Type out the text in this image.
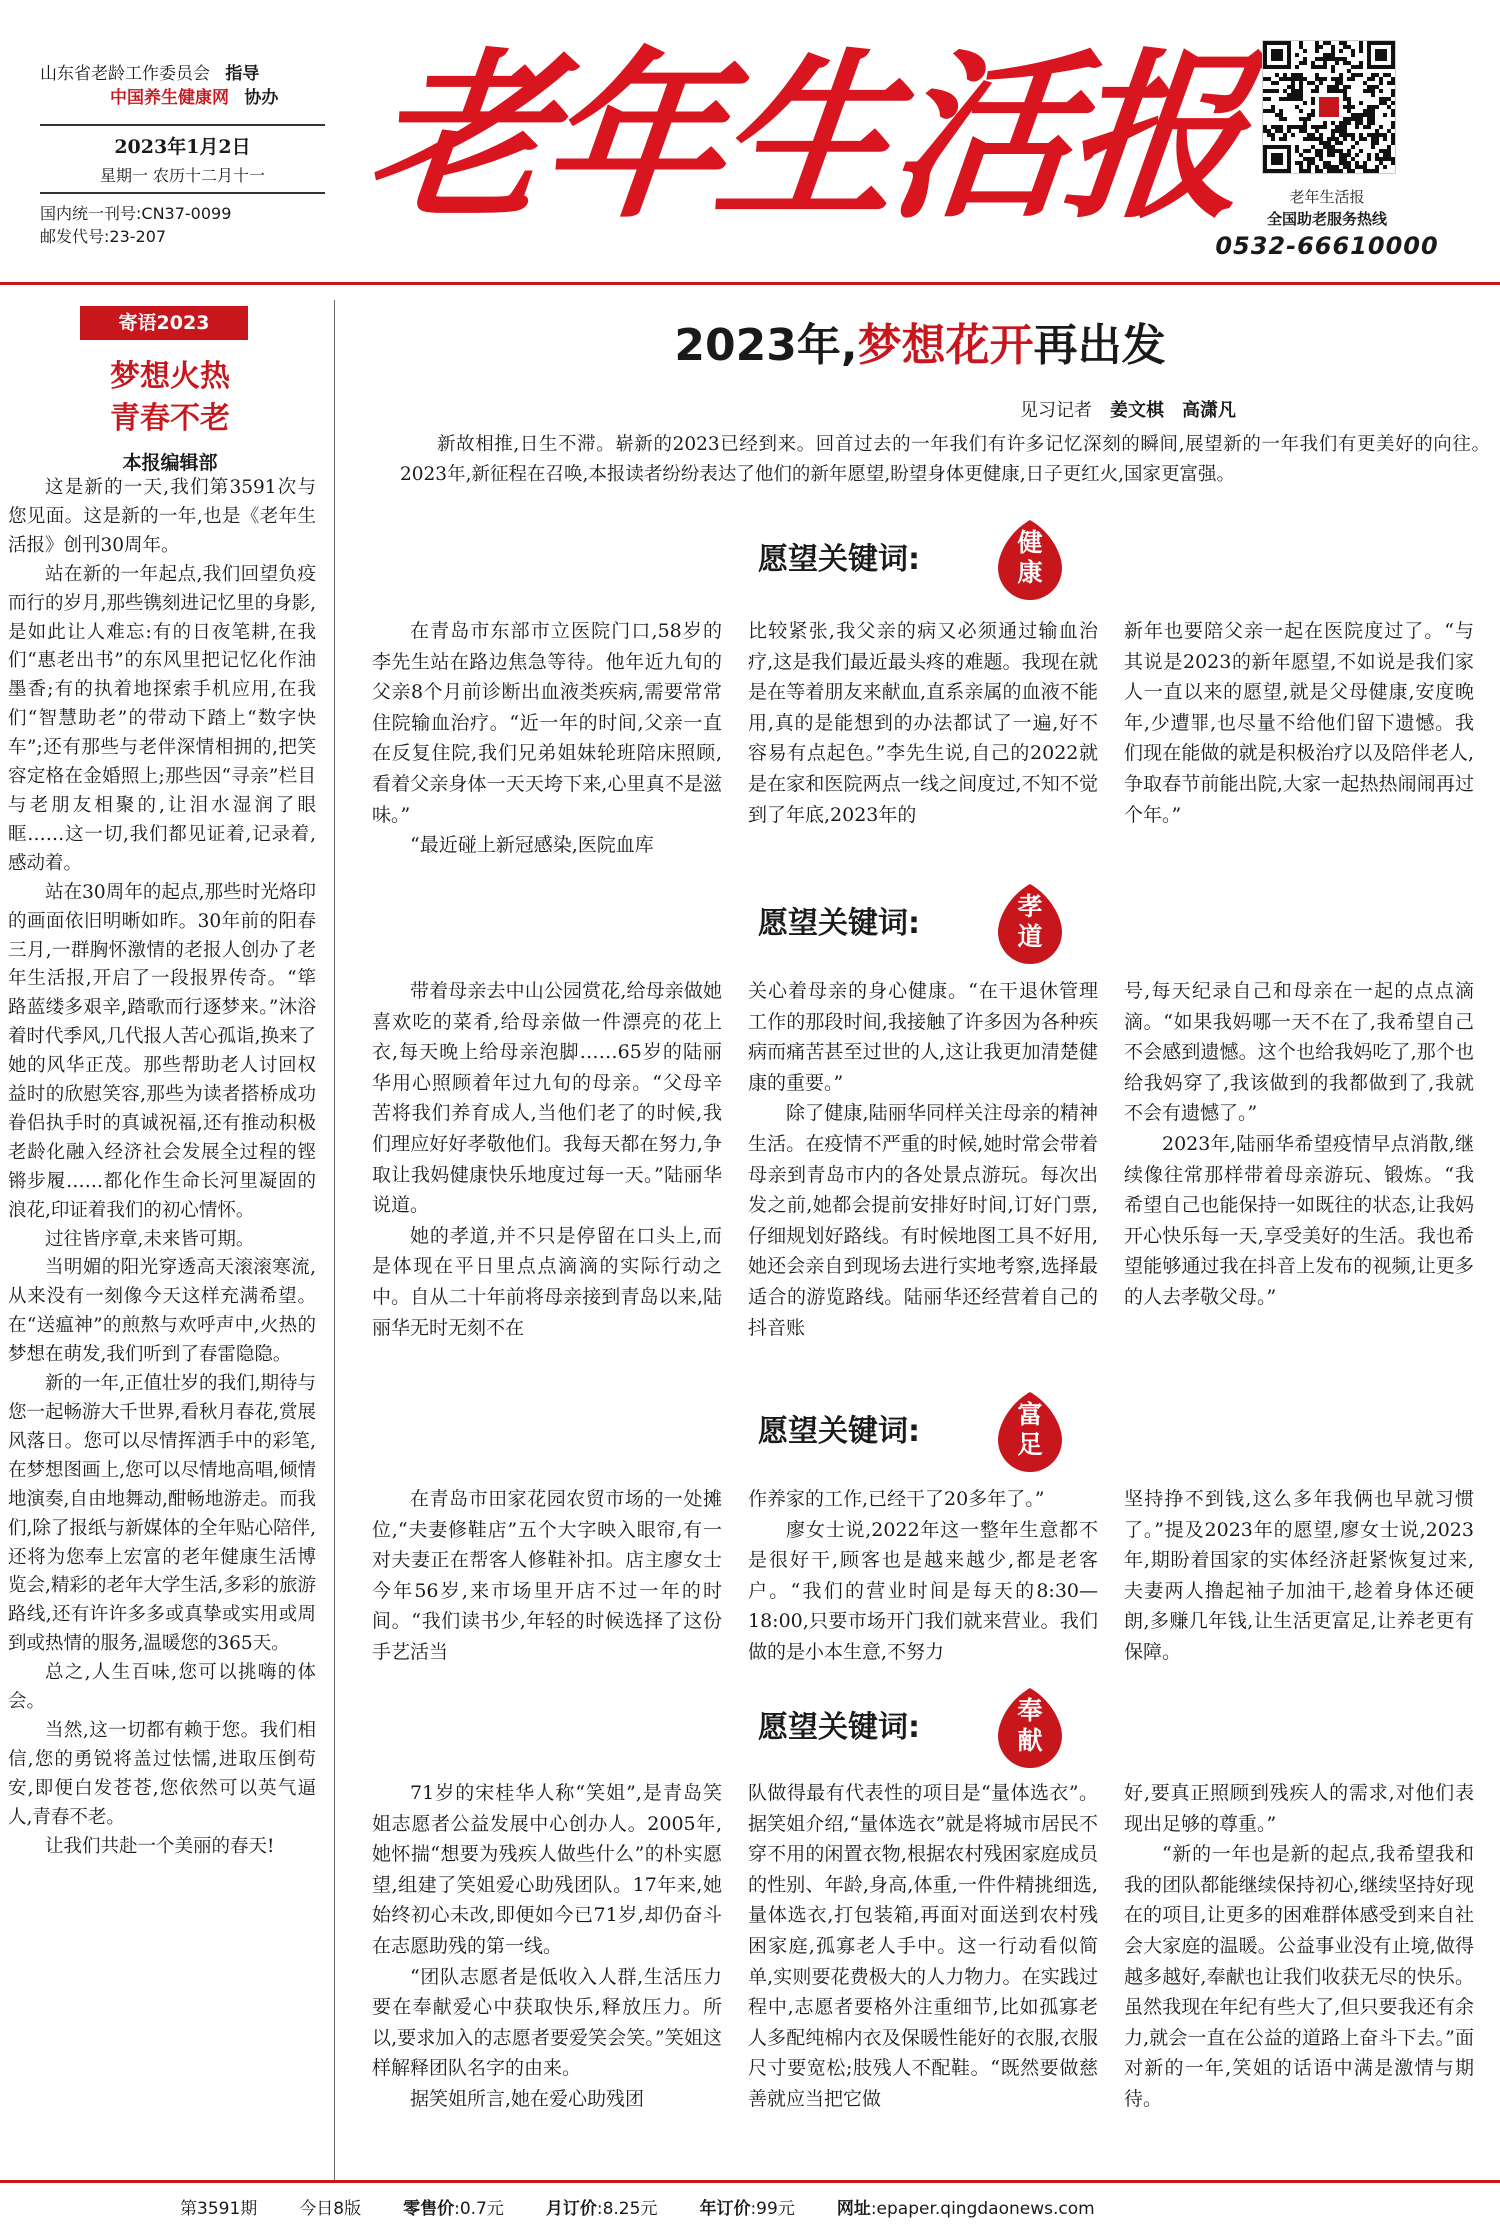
山东省老龄工作委员会 指导
中国养生健康网 协办
2023年1月2日
星期一 农历十二月十一
国内统一刊号:CN37-0099
邮发代号:23-207	老年生活报	老年生活报
全国助老服务热线
0532-66610000
寄语2023
梦想火热
青春不老
本报编辑部

这是新的一天,我们第3591次与您见面。这是新的一年,也是《老年生活报》创刊30周年。

站在新的一年起点,我们回望负疫而行的岁月,那些镌刻进记忆里的身影,是如此让人难忘:有的日夜笔耕,在我们“惠老出书”的东风里把记忆化作油墨香;有的执着地探索手机应用,在我们“智慧助老”的带动下踏上“数字快车”;还有那些与老伴深情相拥的,把笑容定格在金婚照上;那些因“寻亲”栏目与老朋友相聚的,让泪水湿润了眼眶……这一切,我们都见证着,记录着,感动着。

站在30周年的起点,那些时光烙印的画面依旧明晰如昨。30年前的阳春三月,一群胸怀激情的老报人创办了老年生活报,开启了一段报界传奇。“筚路蓝缕多艰辛,踏歌而行逐梦来。”沐浴着时代季风,几代报人苦心孤诣,换来了她的风华正茂。那些帮助老人讨回权益时的欣慰笑容,那些为读者搭桥成功眷侣执手时的真诚祝福,还有推动积极老龄化融入经济社会发展全过程的铿锵步履……都化作生命长河里凝固的浪花,印证着我们的初心情怀。

过往皆序章,未来皆可期。

当明媚的阳光穿透高天滚滚寒流,从来没有一刻像今天这样充满希望。在“送瘟神”的煎熬与欢呼声中,火热的梦想在萌发,我们听到了春雷隐隐。

新的一年,正值壮岁的我们,期待与您一起畅游大千世界,看秋月春花,赏展风落日。您可以尽情挥洒手中的彩笔,在梦想图画上,您可以尽情地高唱,倾情地演奏,自由地舞动,酣畅地游走。而我们,除了报纸与新媒体的全年贴心陪伴,还将为您奉上宏富的老年健康生活博览会,精彩的老年大学生活,多彩的旅游路线,还有许许多多或真挚或实用或周到或热情的服务,温暖您的365天。

总之,人生百味,您可以挑嗨的体会。

当然,这一切都有赖于您。我们相信,您的勇锐将盖过怯懦,进取压倒苟安,即便白发苍苍,您依然可以英气逼人,青春不老。

让我们共赴一个美丽的春天!

2023年,梦想花开再出发
见习记者 姜文棋 高潇凡

新故相推,日生不滞。崭新的2023已经到来。回首过去的一年我们有许多记忆深刻的瞬间,展望新的一年我们有更美好的向往。2023年,新征程在召唤,本报读者纷纷表达了他们的新年愿望,盼望身体更健康,日子更红火,国家更富强。

愿望关键词:	健
康

在青岛市东部市立医院门口,58岁的李先生站在路边焦急等待。他年近九旬的父亲8个月前诊断出血液类疾病,需要常常住院输血治疗。“近一年的时间,父亲一直在反复住院,我们兄弟姐妹轮班陪床照顾,看着父亲身体一天天垮下来,心里真不是滋味。”

“最近碰上新冠感染,医院血库

比较紧张,我父亲的病又必须通过输血治疗,这是我们最近最头疼的难题。我现在就是在等着朋友来献血,直系亲属的血液不能用,真的是能想到的办法都试了一遍,好不容易有点起色。”李先生说,自己的2022就是在家和医院两点一线之间度过,不知不觉到了年底,2023年的

新年也要陪父亲一起在医院度过了。“与其说是2023的新年愿望,不如说是我们家人一直以来的愿望,就是父母健康,安度晚年,少遭罪,也尽量不给他们留下遗憾。我们现在能做的就是积极治疗以及陪伴老人,争取春节前能出院,大家一起热热闹闹再过个年。”

愿望关键词:	孝
道

带着母亲去中山公园赏花,给母亲做她喜欢吃的菜肴,给母亲做一件漂亮的花上衣,每天晚上给母亲泡脚……65岁的陆丽华用心照顾着年过九旬的母亲。“父母辛苦将我们养育成人,当他们老了的时候,我们理应好好孝敬他们。我每天都在努力,争取让我妈健康快乐地度过每一天。”陆丽华说道。

她的孝道,并不只是停留在口头上,而是体现在平日里点点滴滴的实际行动之中。自从二十年前将母亲接到青岛以来,陆丽华无时无刻不在

关心着母亲的身心健康。“在干退休管理工作的那段时间,我接触了许多因为各种疾病而痛苦甚至过世的人,这让我更加清楚健康的重要。”

除了健康,陆丽华同样关注母亲的精神生活。在疫情不严重的时候,她时常会带着母亲到青岛市内的各处景点游玩。每次出发之前,她都会提前安排好时间,订好门票,仔细规划好路线。有时候地图工具不好用,她还会亲自到现场去进行实地考察,选择最适合的游览路线。陆丽华还经营着自己的抖音账

号,每天纪录自己和母亲在一起的点点滴滴。“如果我妈哪一天不在了,我希望自己不会感到遗憾。这个也给我妈吃了,那个也给我妈穿了,我该做到的我都做到了,我就不会有遗憾了。”

2023年,陆丽华希望疫情早点消散,继续像往常那样带着母亲游玩、锻炼。“我希望自己也能保持一如既往的状态,让我妈开心快乐每一天,享受美好的生活。我也希望能够通过我在抖音上发布的视频,让更多的人去孝敬父母。”

愿望关键词:	富
足

在青岛市田家花园农贸市场的一处摊位,“夫妻修鞋店”五个大字映入眼帘,有一对夫妻正在帮客人修鞋补扣。店主廖女士今年56岁,来市场里开店不过一年的时间。“我们读书少,年轻的时候选择了这份手艺活当

作养家的工作,已经干了20多年了。”

廖女士说,2022年这一整年生意都不是很好干,顾客也是越来越少,都是老客户。“我们的营业时间是每天的8:30—18:00,只要市场开门我们就来营业。我们做的是小本生意,不努力

坚持挣不到钱,这么多年我俩也早就习惯了。”提及2023年的愿望,廖女士说,2023年,期盼着国家的实体经济赶紧恢复过来,夫妻两人撸起袖子加油干,趁着身体还硬朗,多赚几年钱,让生活更富足,让养老更有保障。

愿望关键词:	奉
献

71岁的宋桂华人称“笑姐”,是青岛笑姐志愿者公益发展中心创办人。2005年,她怀揣“想要为残疾人做些什么”的朴实愿望,组建了笑姐爱心助残团队。17年来,她始终初心未改,即便如今已71岁,却仍奋斗在志愿助残的第一线。

“团队志愿者是低收入人群,生活压力要在奉献爱心中获取快乐,释放压力。所以,要求加入的志愿者要爱笑会笑。”笑姐这样解释团队名字的由来。

据笑姐所言,她在爱心助残团

队做得最有代表性的项目是“量体选衣”。据笑姐介绍,“量体选衣”就是将城市居民不穿不用的闲置衣物,根据农村残困家庭成员的性别、年龄,身高,体重,一件件精挑细选,量体选衣,打包装箱,再面对面送到农村残困家庭,孤寡老人手中。这一行动看似简单,实则要花费极大的人力物力。在实践过程中,志愿者要格外注重细节,比如孤寡老人多配纯棉内衣及保暖性能好的衣服,衣服尺寸要宽松;肢残人不配鞋。“既然要做慈善就应当把它做

好,要真正照顾到残疾人的需求,对他们表现出足够的尊重。”

“新的一年也是新的起点,我希望我和我的团队都能继续保持初心,继续坚持好现在的项目,让更多的困难群体感受到来自社会大家庭的温暖。公益事业没有止境,做得越多越好,奉献也让我们收获无尽的快乐。虽然我现在年纪有些大了,但只要我还有余力,就会一直在公益的道路上奋斗下去。”面对新的一年,笑姐的话语中满是激情与期待。

第3591期 今日8版 零售价:0.7元 月订价:8.25元 年订价:99元 网址:epaper.qingdaonews.com
